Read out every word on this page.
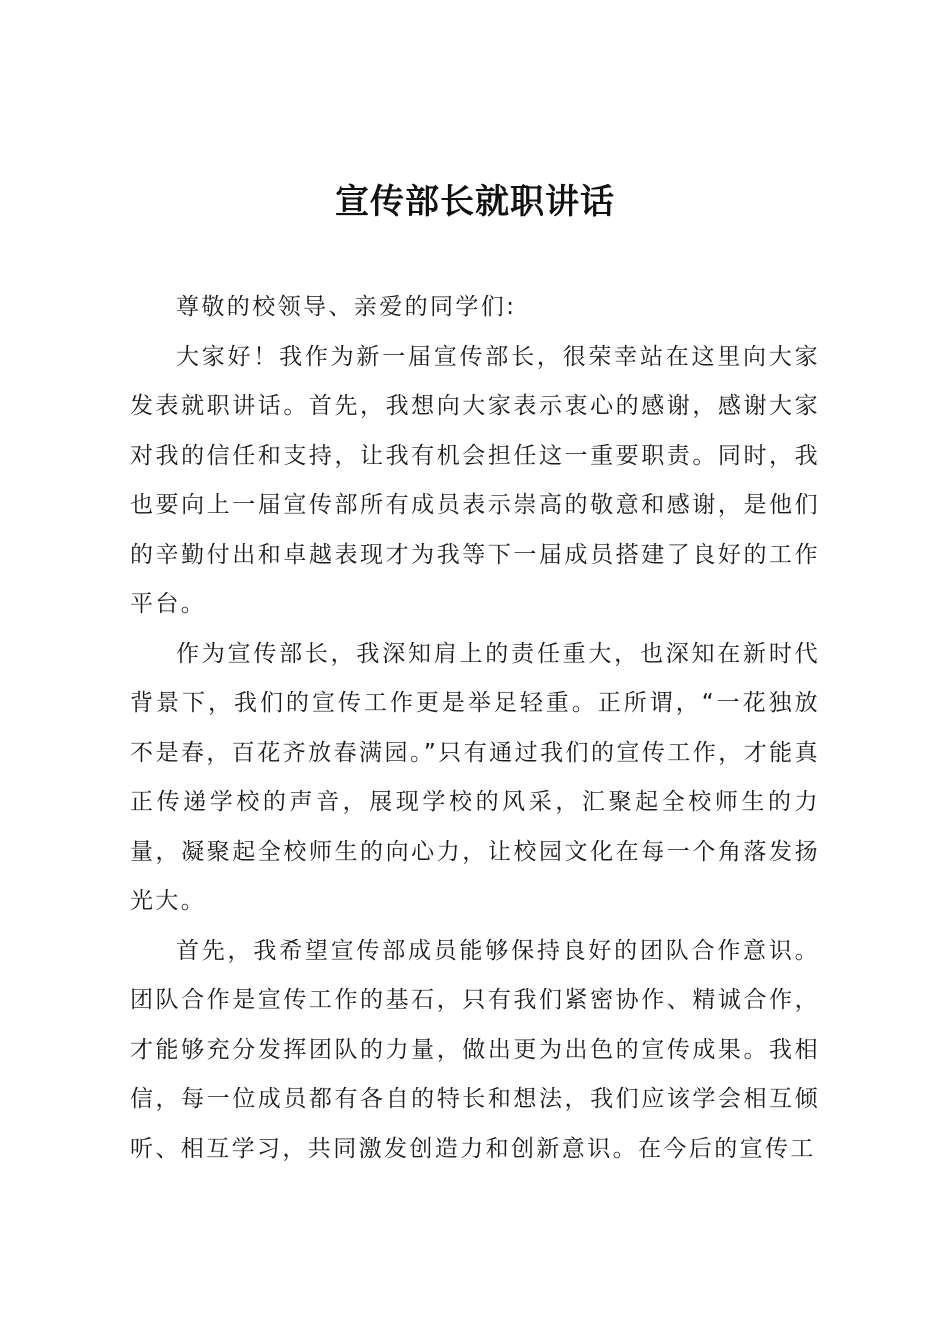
宣传部长就职讲话

尊敬的校领导、亲爱的同学们:

大家好！我作为新一届宣传部长，很荣幸站在这里向大家发表就职讲话。首先，我想向大家表示衷心的感谢，感谢大家对我的信任和支持，让我有机会担任这一重要职责。同时，我也要向上一届宣传部所有成员表示崇高的敬意和感谢，是他们的辛勤付出和卓越表现才为我等下一届成员搭建了良好的工作平台。

作为宣传部长，我深知肩上的责任重大，也深知在新时代背景下，我们的宣传工作更是举足轻重。正所谓，“一花独放不是春，百花齐放春满园。”只有通过我们的宣传工作，才能真正传递学校的声音，展现学校的风采，汇聚起全校师生的力量，凝聚起全校师生的向心力，让校园文化在每一个角落发扬光大。

首先，我希望宣传部成员能够保持良好的团队合作意识。团队合作是宣传工作的基石，只有我们紧密协作、精诚合作，才能够充分发挥团队的力量，做出更为出色的宣传成果。我相信，每一位成员都有各自的特长和想法，我们应该学会相互倾听、相互学习，共同激发创造力和创新意识。在今后的宣传工
